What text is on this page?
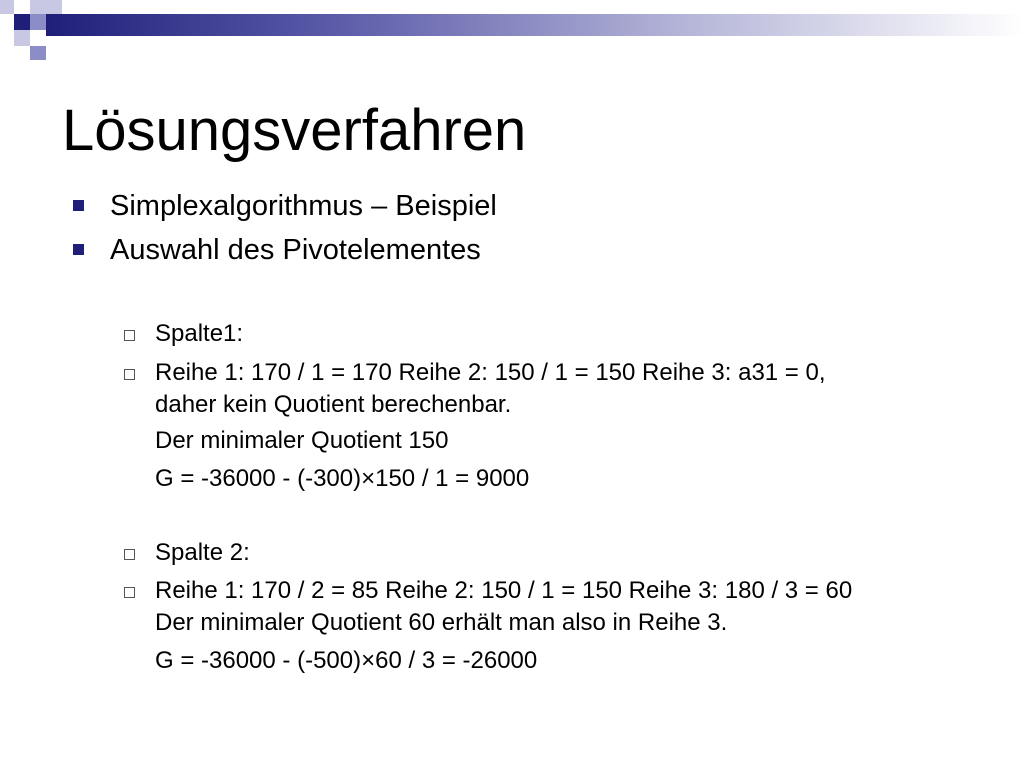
Lösungsverfahren
Simplexalgorithmus – Beispiel
Auswahl des Pivotelementes
Spalte1:
Reihe 1: 170 / 1 = 170 Reihe 2: 150 / 1 = 150 Reihe 3: a31 = 0,
daher kein Quotient berechenbar.
Der minimaler Quotient 150
G = -36000 - (-300)×150 / 1 = 9000
Spalte 2:
Reihe 1: 170 / 2 = 85 Reihe 2: 150 / 1 = 150 Reihe 3: 180 / 3 = 60
Der minimaler Quotient 60 erhält man also in Reihe 3.
G = -36000 - (-500)×60 / 3 = -26000
